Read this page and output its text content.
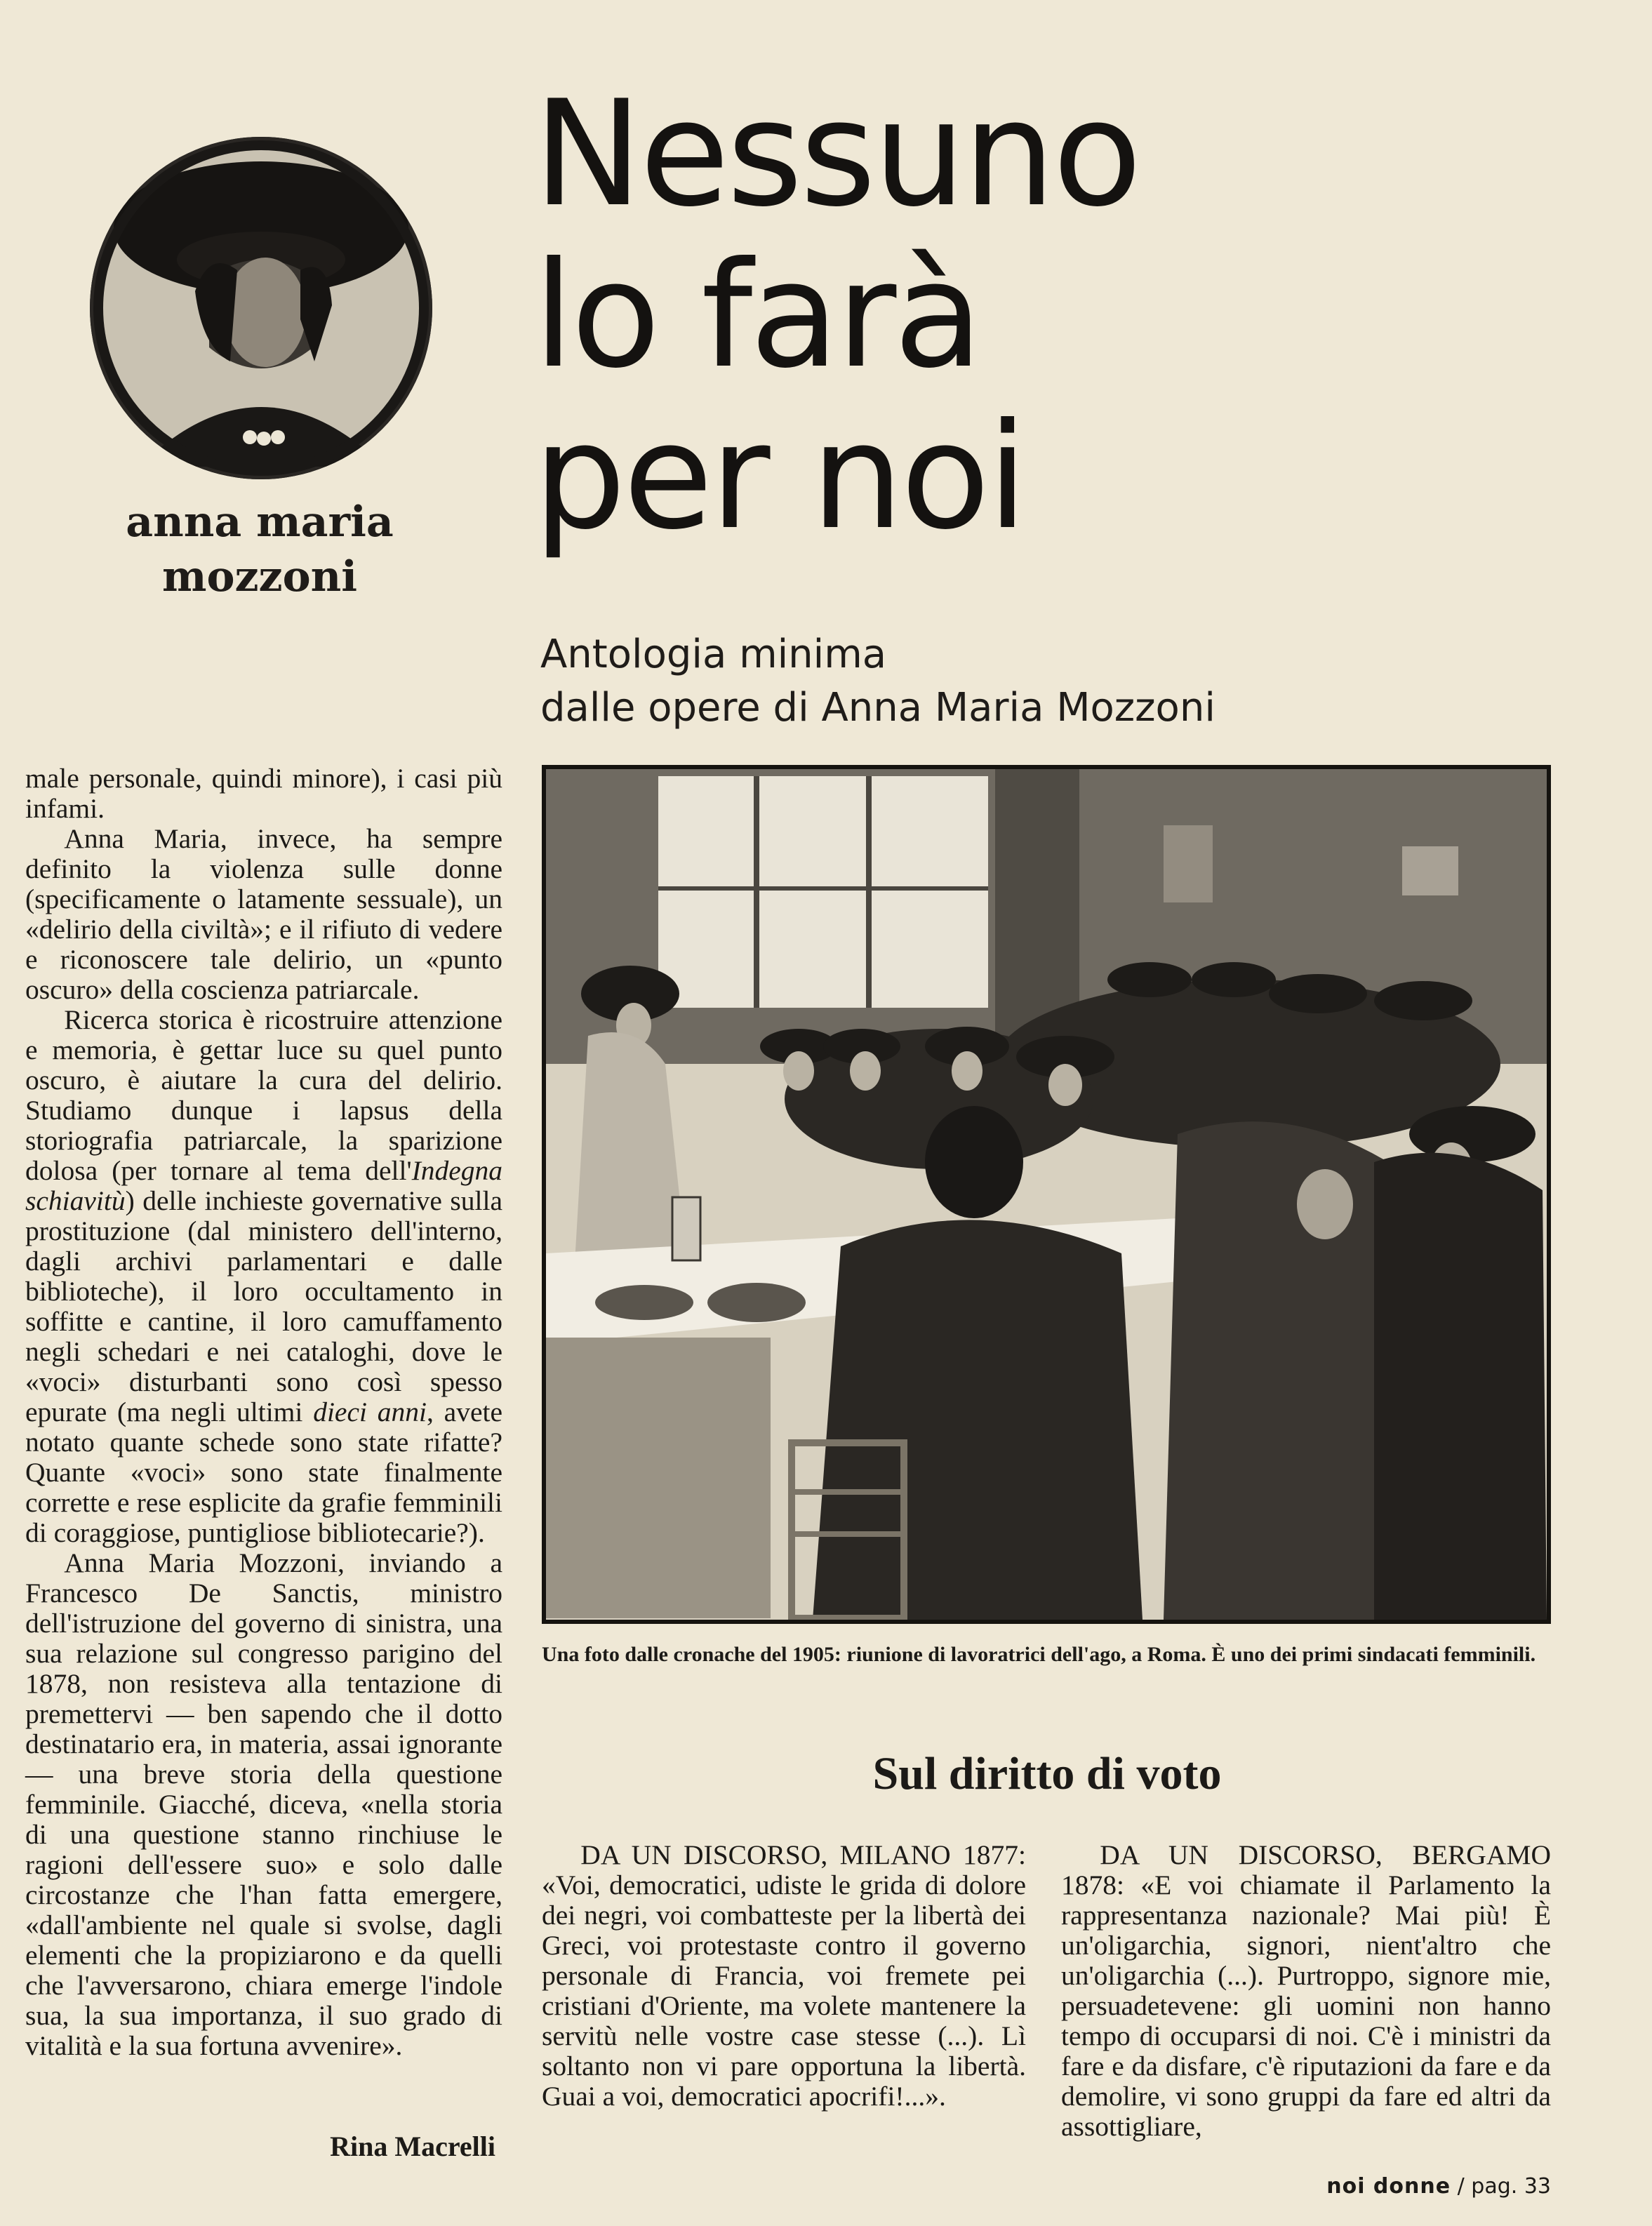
anna maria
mozzoni
Nessuno
lo farà
per noi
Antologia minima
dalle opere di Anna Maria Mozzoni

male personale, quindi minore), i casi più infami.

Anna Maria, invece, ha sempre definito la violenza sulle donne (specificamente o latamente sessuale), un «delirio della civiltà»; e il rifiuto di vedere e riconoscere tale delirio, un «punto oscuro» della coscienza patriarcale.

Ricerca storica è ricostruire attenzione e memoria, è gettar luce su quel punto oscuro, è aiutare la cura del delirio. Studiamo dunque i lapsus della storiografia patriarcale, la sparizione dolosa (per tornare al tema dell'Indegna schiavitù) delle inchieste governative sulla prostituzione (dal ministero dell'interno, dagli archivi parlamentari e dalle biblioteche), il loro occultamento in soffitte e cantine, il loro camuffamento negli schedari e nei cataloghi, dove le «voci» disturbanti sono così spesso epurate (ma negli ultimi dieci anni, avete notato quante schede sono state rifatte? Quante «voci» sono state finalmente corrette e rese esplicite da grafie femminili di coraggiose, puntigliose bibliotecarie?).

Anna Maria Mozzoni, inviando a Francesco De Sanctis, ministro dell'istruzione del governo di sinistra, una sua relazione sul congresso parigino del 1878, non resisteva alla tentazione di premettervi — ben sapendo che il dotto destinatario era, in materia, assai ignorante — una breve storia della questione femminile. Giacché, diceva, «nella storia di una questione stanno rinchiuse le ragioni dell'essere suo» e solo dalle circostanze che l'han fatta emergere, «dall'ambiente nel quale si svolse, dagli elementi che la propiziarono e da quelli che l'avversarono, chiara emerge l'indole sua, la sua importanza, il suo grado di vitalità e la sua fortuna avvenire».

Rina Macrelli
Una foto dalle cronache del 1905: riunione di lavoratrici dell'ago, a Roma. È uno dei primi sindacati femminili.
Sul diritto di voto

DA UN DISCORSO, MILANO 1877: «Voi, democratici, udiste le grida di dolore dei negri, voi combatteste per la libertà dei Greci, voi protestaste contro il governo personale di Francia, voi fremete pei cristiani d'Oriente, ma volete mantenere la servitù nelle vostre case stesse (...). Lì soltanto non vi pare opportuna la libertà. Guai a voi, democratici apocrifi!...».

DA UN DISCORSO, BERGAMO 1878: «E voi chiamate il Parlamento la rappresentanza nazionale? Mai più! È un'oligarchia, signori, nient'altro che un'oligarchia (...). Purtroppo, signore mie, persuadetevene: gli uomini non hanno tempo di occuparsi di noi. C'è i ministri da fare e da disfare, c'è riputazioni da fare e da demolire, vi sono gruppi da fare ed altri da assottigliare,

noi donne / pag. 33
